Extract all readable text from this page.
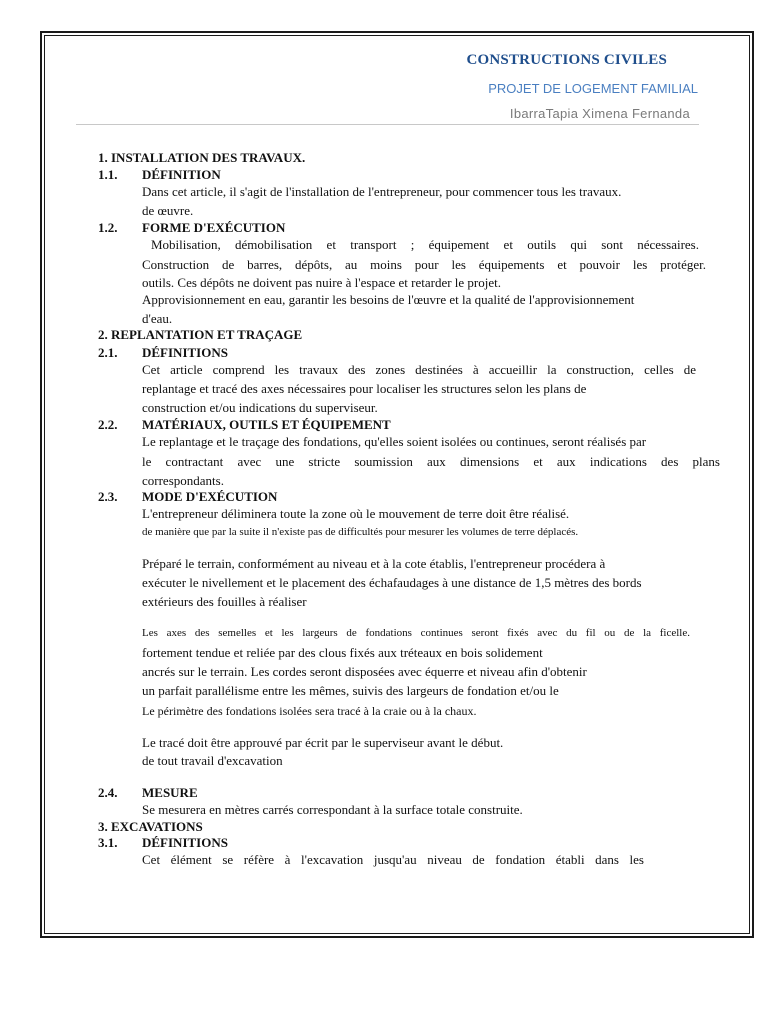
CONSTRUCTIONS CIVILES
PROJET DE LOGEMENT FAMILIAL
IbarraTapia Ximena Fernanda
1. INSTALLATION DES TRAVAUX.
1.1. DÉFINITION
Dans cet article, il s'agit de l'installation de l'entrepreneur, pour commencer tous les travaux.
de œuvre.
1.2. FORME D'EXÉCUTION
Mobilisation, démobilisation et transport ; équipement et outils qui sont nécessaires.
Construction de barres, dépôts, au moins pour les équipements et pouvoir les protéger.
outils. Ces dépôts ne doivent pas nuire à l'espace et retarder le projet.
Approvisionnement en eau, garantir les besoins de l'œuvre et la qualité de l'approvisionnement
d'eau.
2. REPLANTATION ET TRAÇAGE
2.1. DÉFINITIONS
Cet article comprend les travaux des zones destinées à accueillir la construction, celles de
replantage et tracé des axes nécessaires pour localiser les structures selon les plans de
construction et/ou indications du superviseur.
2.2. MATÉRIAUX, OUTILS ET ÉQUIPEMENT
Le replantage et le traçage des fondations, qu'elles soient isolées ou continues, seront réalisés par
le contractant avec une stricte soumission aux dimensions et aux indications des plans
correspondants.
2.3. MODE D'EXÉCUTION
L'entrepreneur déliminera toute la zone où le mouvement de terre doit être réalisé.
de manière que par la suite il n'existe pas de difficultés pour mesurer les volumes de terre déplacés.
Préparé le terrain, conformément au niveau et à la cote établis, l'entrepreneur procédera à
exécuter le nivellement et le placement des échafaudages à une distance de 1,5 mètres des bords
extérieurs des fouilles à réaliser
Les axes des semelles et les largeurs de fondations continues seront fixés avec du fil ou de la ficelle.
fortement tendue et reliée par des clous fixés aux tréteaux en bois solidement
ancrés sur le terrain. Les cordes seront disposées avec équerre et niveau afin d'obtenir
un parfait parallélisme entre les mêmes, suivis des largeurs de fondation et/ou le
Le périmètre des fondations isolées sera tracé à la craie ou à la chaux.
Le tracé doit être approuvé par écrit par le superviseur avant le début.
de tout travail d'excavation
2.4. MESURE
Se mesurera en mètres carrés correspondant à la surface totale construite.
3. EXCAVATIONS
3.1. DÉFINITIONS
Cet élément se réfère à l'excavation jusqu'au niveau de fondation établi dans les
